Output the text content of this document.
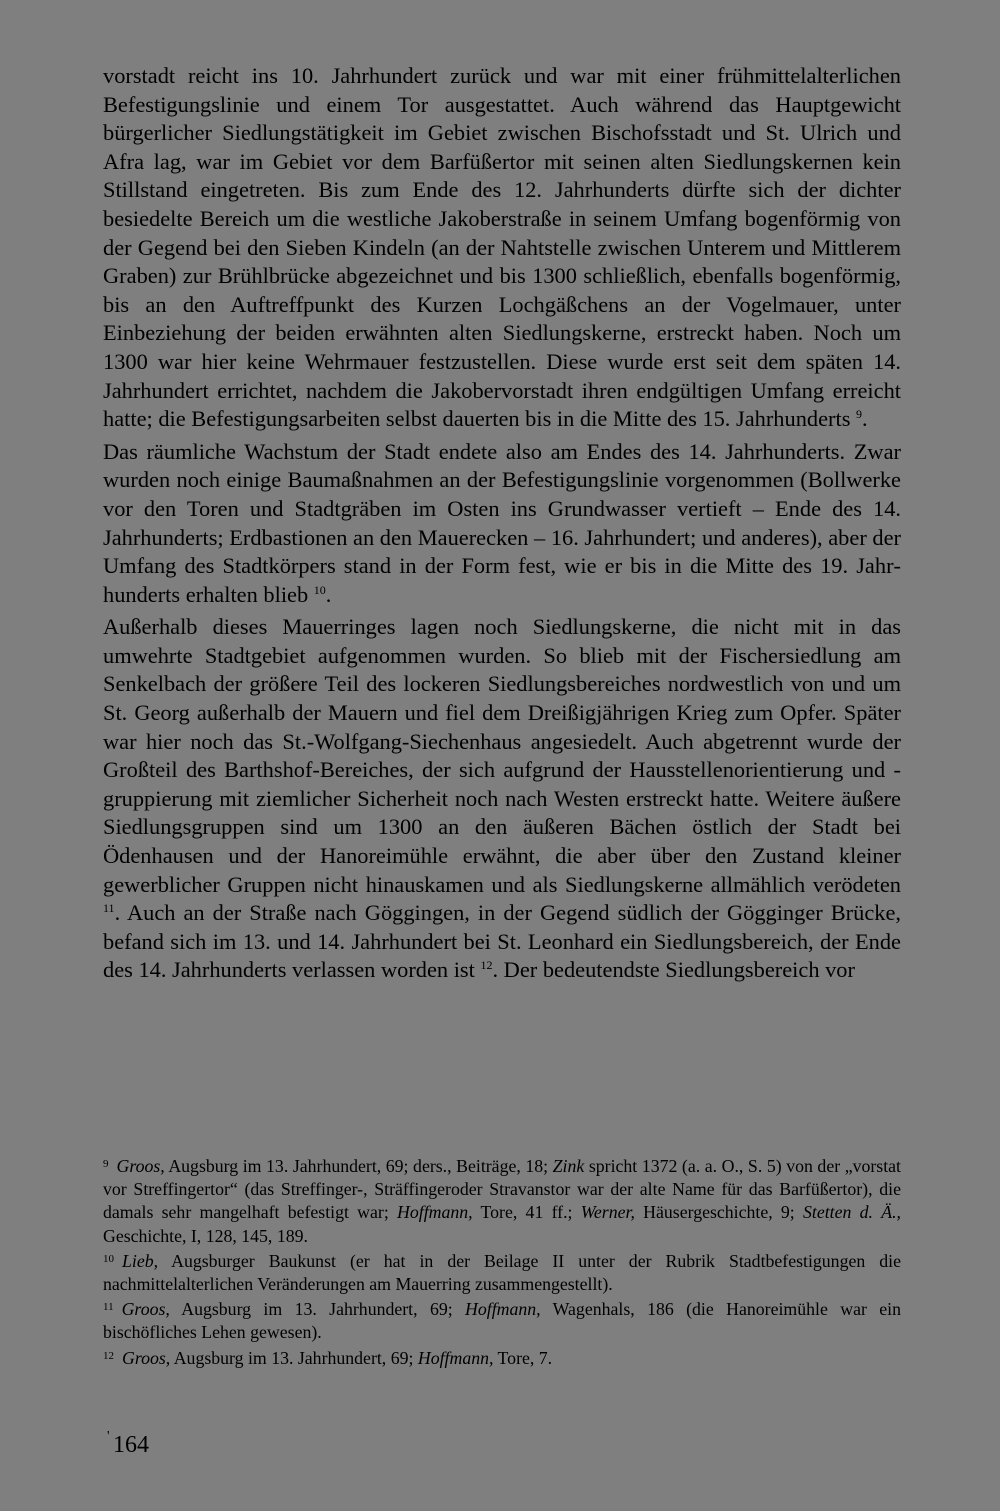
vorstadt reicht ins 10. Jahrhundert zurück und war mit einer frühmittelalterlichen Befestigungslinie und einem Tor ausgestattet. Auch während das Hauptgewicht bürgerlicher Siedlungstätigkeit im Gebiet zwischen Bischofsstadt und St. Ulrich und Afra lag, war im Gebiet vor dem Barfüßertor mit seinen alten Siedlungskernen kein Stillstand eingetreten. Bis zum Ende des 12. Jahrhunderts dürfte sich der dichter besiedelte Bereich um die westliche Jakoberstraße in seinem Umfang bogenförmig von der Gegend bei den Sieben Kindeln (an der Nahtstelle zwischen Unterem und Mittlerem Graben) zur Brühlbrücke abgezeichnet und bis 1300 schließlich, ebenfalls bogenförmig, bis an den Auftreffpunkt des Kurzen Lochgäßchens an der Vogelmauer, unter Einbeziehung der beiden erwähnten alten Siedlungskerne, erstreckt haben. Noch um 1300 war hier keine Wehrmauer festzustellen. Diese wurde erst seit dem späten 14. Jahrhundert errichtet, nachdem die Jakobervorstadt ihren endgültigen Umfang erreicht hatte; die Befestigungsarbeiten selbst dauerten bis in die Mitte des 15. Jahrhunderts $^9$.

Das räumliche Wachstum der Stadt endete also am Endes des 14. Jahrhunderts. Zwar wurden noch einige Baumaßnahmen an der Befestigungslinie vorgenommen (Bollwerke vor den Toren und Stadtgräben im Osten ins Grundwasser vertieft – Ende des 14. Jahrhunderts; Erdbastionen an den Mauerecken – 16. Jahrhundert; und anderes), aber der Umfang des Stadtkörpers stand in der Form fest, wie er bis in die Mitte des 19. Jahrhunderts erhalten blieb $^{10}$.

Außerhalb dieses Mauerringes lagen noch Siedlungskerne, die nicht mit in das umwehrte Stadtgebiet aufgenommen wurden. So blieb mit der Fischersiedlung am Senkelbach der größere Teil des lockeren Siedlungsbereiches nordwestlich von und um St. Georg außerhalb der Mauern und fiel dem Dreißigjährigen Krieg zum Opfer. Später war hier noch das St.-Wolfgang-Siechenhaus angesiedelt. Auch abgetrennt wurde der Großteil des Barthshof-Bereiches, der sich aufgrund der Hausstellenorientierung und -gruppierung mit ziemlicher Sicherheit noch nach Westen erstreckt hatte. Weitere äußere Siedlungsgruppen sind um 1300 an den äußeren Bächen östlich der Stadt bei Ödenhausen und der Hanoreimühle erwähnt, die aber über den Zustand kleiner gewerblicher Gruppen nicht hinauskamen und als Siedlungskerne allmählich verödeten $^{11}$. Auch an der Straße nach Göggingen, in der Gegend südlich der Gögginger Brücke, befand sich im 13. und 14. Jahrhundert bei St. Leonhard ein Siedlungsbereich, der Ende des 14. Jahrhunderts verlassen worden ist $^{12}$. Der bedeutendste Siedlungsbereich vor

$^9$ Groos, Augsburg im 13. Jahrhundert, 69; ders., Beiträge, 18; Zink spricht 1372 (a. a. O., S. 5) von der „vorstat vor Streffingertor“ (das Streffinger-, Sträffingeroder Stravanstor war der alte Name für das Barfüßertor), die damals sehr mangelhaft befestigt war; Hoffmann, Tore, 41 ff.; Werner, Häusergeschichte, 9; Stetten d. Ä., Geschichte, I, 128, 145, 189.

$^{10}$ Lieb, Augsburger Baukunst (er hat in der Beilage II unter der Rubrik Stadtbefestigungen die nachmittelalterlichen Veränderungen am Mauerring zusammengestellt).

$^{11}$ Groos, Augsburg im 13. Jahrhundert, 69; Hoffmann, Wagenhals, 186 (die Hanoreimühle war ein bischöfliches Lehen gewesen).

$^{12}$ Groos, Augsburg im 13. Jahrhundert, 69; Hoffmann, Tore, 7.

' 164
